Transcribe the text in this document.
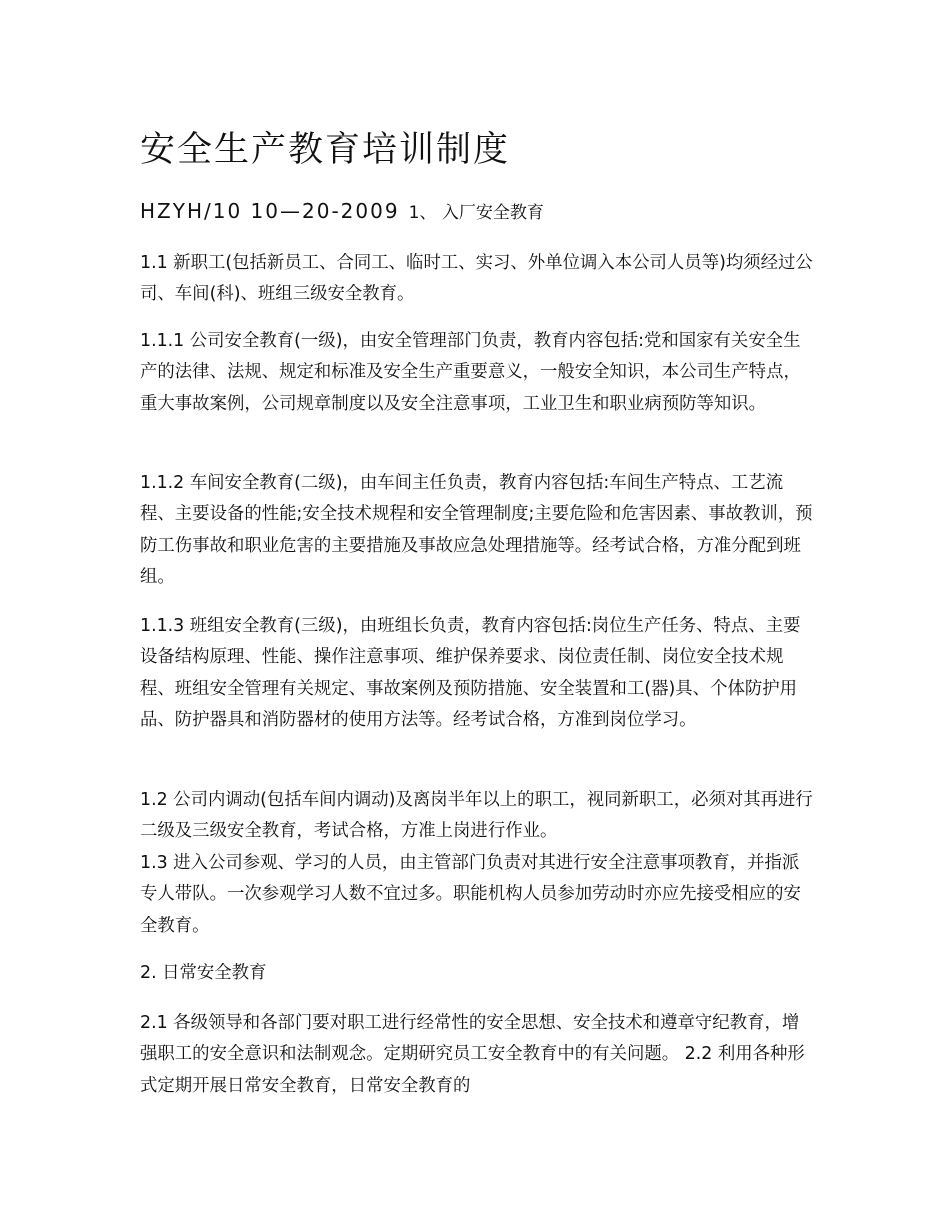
安全生产教育培训制度

HZYH/10 10—20-2009 1、 入厂安全教育

1.1 新职工(包括新员工、合同工、临时工、实习、外单位调入本公司人员等)均须经过公司、车间(科)、班组三级安全教育。

1.1.1 公司安全教育(一级)，由安全管理部门负责，教育内容包括:党和国家有关安全生产的法律、法规、规定和标准及安全生产重要意义，一般安全知识，本公司生产特点，重大事故案例，公司规章制度以及安全注意事项，工业卫生和职业病预防等知识。

1.1.2 车间安全教育(二级)，由车间主任负责，教育内容包括:车间生产特点、工艺流程、主要设备的性能;安全技术规程和安全管理制度;主要危险和危害因素、事故教训，预防工伤事故和职业危害的主要措施及事故应急处理措施等。经考试合格，方准分配到班组。

1.1.3 班组安全教育(三级)，由班组长负责，教育内容包括:岗位生产任务、特点、主要设备结构原理、性能、操作注意事项、维护保养要求、岗位责任制、岗位安全技术规程、班组安全管理有关规定、事故案例及预防措施、安全装置和工(器)具、个体防护用品、防护器具和消防器材的使用方法等。经考试合格，方准到岗位学习。

1.2 公司内调动(包括车间内调动)及离岗半年以上的职工，视同新职工，必须对其再进行二级及三级安全教育，考试合格，方准上岗进行作业。

1.3 进入公司参观、学习的人员，由主管部门负责对其进行安全注意事项教育，并指派专人带队。一次参观学习人数不宜过多。职能机构人员参加劳动时亦应先接受相应的安全教育。

2. 日常安全教育

2.1 各级领导和各部门要对职工进行经常性的安全思想、安全技术和遵章守纪教育，增强职工的安全意识和法制观念。定期研究员工安全教育中的有关问题。 2.2 利用各种形式定期开展日常安全教育，日常安全教育的
